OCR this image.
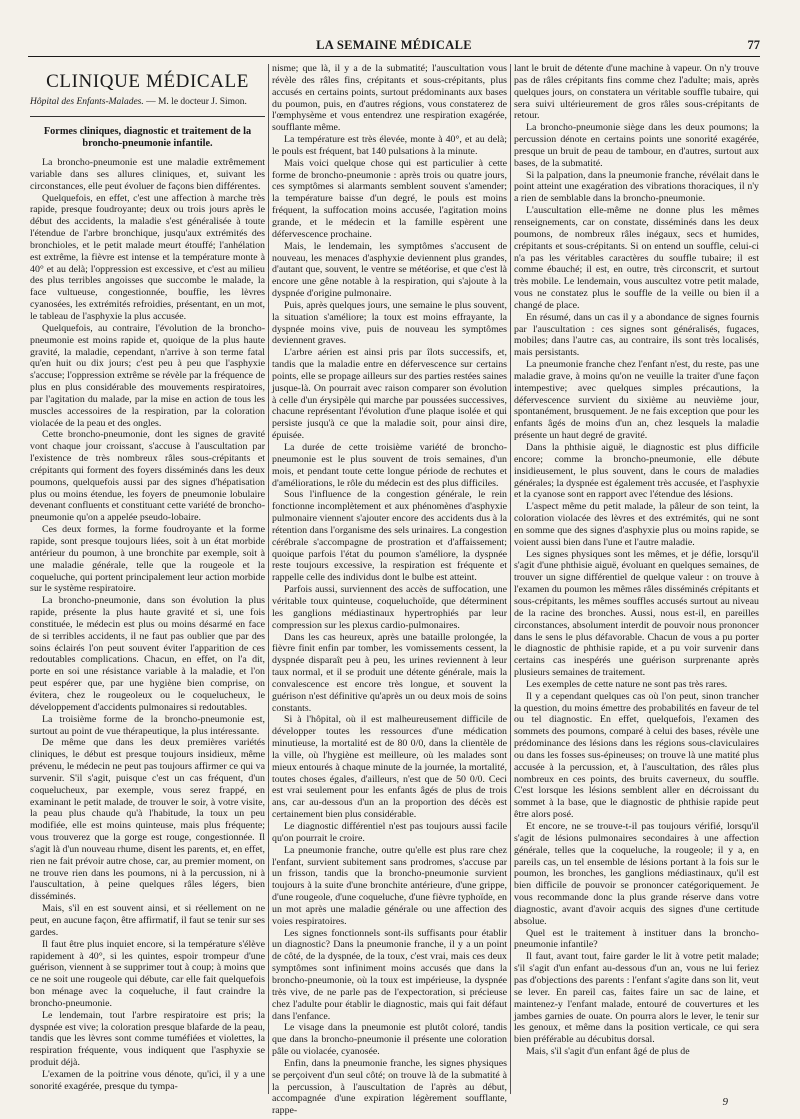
LA SEMAINE MÉDICALE	77
CLINIQUE MÉDICALE
Hôpital des Enfants-Malades. — M. le docteur J. Simon.
Formes cliniques, diagnostic et traitement de la broncho-pneumonie infantile.

La broncho-pneumonie est une maladie extrêmement variable dans ses allures cliniques, et, suivant les circonstances, elle peut évoluer de façons bien différentes.

Quelquefois, en effet, c'est une affection à marche très rapide, presque foudroyante; deux ou trois jours après le début des accidents, la maladie s'est généralisée à toute l'étendue de l'arbre bronchique, jusqu'aux extrémités des bronchioles, et le petit malade meurt étouffé; l'anhélation est extrême, la fièvre est intense et la température monte à 40° et au delà; l'oppression est excessive, et c'est au milieu des plus terribles angoisses que succombe le malade, la face vultueuse, congestionnée, bouffie, les lèvres cyanosées, les extrémités refroidies, présentant, en un mot, le tableau de l'asphyxie la plus accusée.

Quelquefois, au contraire, l'évolution de la broncho-pneumonie est moins rapide et, quoique de la plus haute gravité, la maladie, cependant, n'arrive à son terme fatal qu'en huit ou dix jours; c'est peu à peu que l'asphyxie s'accuse; l'oppression extrême se révèle par la fréquence de plus en plus considérable des mouvements respiratoires, par l'agitation du malade, par la mise en action de tous les muscles accessoires de la respiration, par la coloration violacée de la peau et des ongles.

Cette broncho-pneumonie, dont les signes de gravité vont chaque jour croissant, s'accuse à l'auscultation par l'existence de très nombreux râles sous-crépitants et crépitants qui forment des foyers disséminés dans les deux poumons, quelquefois aussi par des signes d'hépatisation plus ou moins étendue, les foyers de pneumonie lobulaire devenant confluents et constituant cette variété de broncho-pneumonie qu'on a appelée pseudo-lobaire.

Ces deux formes, la forme foudroyante et la forme rapide, sont presque toujours liées, soit à un état morbide antérieur du poumon, à une bronchite par exemple, soit à une maladie générale, telle que la rougeole et la coqueluche, qui portent principalement leur action morbide sur le système respiratoire.

La broncho-pneumonie, dans son évolution la plus rapide, présente la plus haute gravité et si, une fois constituée, le médecin est plus ou moins désarmé en face de si terribles accidents, il ne faut pas oublier que par des soins éclairés l'on peut souvent éviter l'apparition de ces redoutables complications. Chacun, en effet, on l'a dit, porte en soi une résistance variable à la maladie, et l'on peut espérer que, par une hygiène bien comprise, on évitera, chez le rougeoleux ou le coquelucheux, le développement d'accidents pulmonaires si redoutables.

La troisième forme de la broncho-pneumonie est, surtout au point de vue thérapeutique, la plus intéressante.

De même que dans les deux premières variétés cliniques, le début est presque toujours insidieux, même prévenu, le médecin ne peut pas toujours affirmer ce qui va survenir. S'il s'agit, puisque c'est un cas fréquent, d'un coquelucheux, par exemple, vous serez frappé, en examinant le petit malade, de trouver le soir, à votre visite, la peau plus chaude qu'à l'habitude, la toux un peu modifiée, elle est moins quinteuse, mais plus fréquente; vous trouverez que la gorge est rouge, congestionnée. Il s'agit là d'un nouveau rhume, disent les parents, et, en effet, rien ne fait prévoir autre chose, car, au premier moment, on ne trouve rien dans les poumons, ni à la percussion, ni à l'auscultation, à peine quelques râles légers, bien disséminés.

Mais, s'il en est souvent ainsi, et si réellement on ne peut, en aucune façon, être affirmatif, il faut se tenir sur ses gardes.

Il faut être plus inquiet encore, si la température s'élève rapidement à 40°, si les quintes, espoir trompeur d'une guérison, viennent à se supprimer tout à coup; à moins que ce ne soit une rougeole qui débute, car elle fait quelquefois bon ménage avec la coqueluche, il faut craindre la broncho-pneumonie.

Le lendemain, tout l'arbre respiratoire est pris; la dyspnée est vive; la coloration presque blafarde de la peau, tandis que les lèvres sont comme tuméfiées et violettes, la respiration fréquente, vous indiquent que l'asphyxie se produit déjà.

L'examen de la poitrine vous dénote, qu'ici, il y a une sonorité exagérée, presque du tympa-

nisme; que là, il y a de la submatité; l'auscultation vous révèle des râles fins, crépitants et sous-crépitants, plus accusés en certains points, surtout prédominants aux bases du poumon, puis, en d'autres régions, vous constaterez de l'œmphysème et vous entendrez une respiration exagérée, soufflante même.

La température est très élevée, monte à 40°, et au delà; le pouls est fréquent, bat 140 pulsations à la minute.

Mais voici quelque chose qui est particulier à cette forme de broncho-pneumonie : après trois ou quatre jours, ces symptômes si alarmants semblent souvent s'amender; la température baisse d'un degré, le pouls est moins fréquent, la suffocation moins accusée, l'agitation moins grande, et le médecin et la famille espèrent une défervescence prochaine.

Mais, le lendemain, les symptômes s'accusent de nouveau, les menaces d'asphyxie deviennent plus grandes, d'autant que, souvent, le ventre se météorise, et que c'est là encore une gêne notable à la respiration, qui s'ajoute à la dyspnée d'origine pulmonaire.

Puis, après quelques jours, une semaine le plus souvent, la situation s'améliore; la toux est moins effrayante, la dyspnée moins vive, puis de nouveau les symptômes deviennent graves.

L'arbre aérien est ainsi pris par îlots successifs, et, tandis que la maladie entre en défervescence sur certains points, elle se propage ailleurs sur des parties restées saines jusque-là. On pourrait avec raison comparer son évolution à celle d'un érysipèle qui marche par poussées successives, chacune représentant l'évolution d'une plaque isolée et qui persiste jusqu'à ce que la maladie soit, pour ainsi dire, épuisée.

La durée de cette troisième variété de broncho-pneumonie est le plus souvent de trois semaines, d'un mois, et pendant toute cette longue période de rechutes et d'améliorations, le rôle du médecin est des plus difficiles.

Sous l'influence de la congestion générale, le rein fonctionne incomplètement et aux phénomènes d'asphyxie pulmonaire viennent s'ajouter encore des accidents dus à la rétention dans l'organisme des sels urinaires. La congestion cérébrale s'accompagne de prostration et d'affaissement; quoique parfois l'état du poumon s'améliore, la dyspnée reste toujours excessive, la respiration est fréquente et rappelle celle des individus dont le bulbe est atteint.

Parfois aussi, surviennent des accès de suffocation, une véritable toux quinteuse, coqueluchoïde, que déterminent les ganglions médiastinaux hypertrophiés par leur compression sur les plexus cardio-pulmonaires.

Dans les cas heureux, après une bataille prolongée, la fièvre finit enfin par tomber, les vomissements cessent, la dyspnée disparaît peu à peu, les urines reviennent à leur taux normal, et il se produit une détente générale, mais la convalescence est encore très longue, et souvent la guérison n'est définitive qu'après un ou deux mois de soins constants.

Si à l'hôpital, où il est malheureusement difficile de développer toutes les ressources d'une médication minutieuse, la mortalité est de 80 0/0, dans la clientèle de la ville, où l'hygiène est meilleure, où les malades sont mieux entourés à chaque minute de la journée, la mortalité, toutes choses égales, d'ailleurs, n'est que de 50 0/0. Ceci est vrai seulement pour les enfants âgés de plus de trois ans, car au-dessous d'un an la proportion des décès est certainement bien plus considérable.

Le diagnostic différentiel n'est pas toujours aussi facile qu'on pourrait le croire.

La pneumonie franche, outre qu'elle est plus rare chez l'enfant, survient subitement sans prodromes, s'accuse par un frisson, tandis que la broncho-pneumonie survient toujours à la suite d'une bronchite antérieure, d'une grippe, d'une rougeole, d'une coqueluche, d'une fièvre typhoïde, en un mot après une maladie générale ou une affection des voies respiratoires.

Les signes fonctionnels sont-ils suffisants pour établir un diagnostic? Dans la pneumonie franche, il y a un point de côté, de la dyspnée, de la toux, c'est vrai, mais ces deux symptômes sont infiniment moins accusés que dans la broncho-pneumonie, où la toux est impérieuse, la dyspnée très vive, de ne parle pas de l'expectoration, si précieuse chez l'adulte pour établir le diagnostic, mais qui fait défaut dans l'enfance.

Le visage dans la pneumonie est plutôt coloré, tandis que dans la broncho-pneumonie il présente une coloration pâle ou violacée, cyanosée.

Enfin, dans la pneumonie franche, les signes physiques se perçoivent d'un seul côté; on trouve là de la submatité à la percussion, à l'auscultation de l'après au début, accompagnée d'une expiration légèrement soufflante, rappe-

lant le bruit de détente d'une machine à vapeur. On n'y trouve pas de râles crépitants fins comme chez l'adulte; mais, après quelques jours, on constatera un véritable souffle tubaire, qui sera suivi ultérieurement de gros râles sous-crépitants de retour.

La broncho-pneumonie siège dans les deux poumons; la percussion dénote en certains points une sonorité exagérée, presque un bruit de peau de tambour, en d'autres, surtout aux bases, de la submatité.

Si la palpation, dans la pneumonie franche, révélait dans le point atteint une exagération des vibrations thoraciques, il n'y a rien de semblable dans la broncho-pneumonie.

L'auscultation elle-même ne donne plus les mêmes renseignements, car on constate, disséminés dans les deux poumons, de nombreux râles inégaux, secs et humides, crépitants et sous-crépitants. Si on entend un souffle, celui-ci n'a pas les véritables caractères du souffle tubaire; il est comme ébauché; il est, en outre, très circonscrit, et surtout très mobile. Le lendemain, vous auscultez votre petit malade, vous ne constatez plus le souffle de la veille ou bien il a changé de place.

En résumé, dans un cas il y a abondance de signes fournis par l'auscultation : ces signes sont généralisés, fugaces, mobiles; dans l'autre cas, au contraire, ils sont très localisés, mais persistants.

La pneumonie franche chez l'enfant n'est, du reste, pas une maladie grave, à moins qu'on ne veuille la traiter d'une façon intempestive; avec quelques simples précautions, la défervescence survient du sixième au neuvième jour, spontanément, brusquement. Je ne fais exception que pour les enfants âgés de moins d'un an, chez lesquels la maladie présente un haut degré de gravité.

Dans la phthisie aiguë, le diagnostic est plus difficile encore; comme la broncho-pneumonie, elle débute insidieusement, le plus souvent, dans le cours de maladies générales; la dyspnée est également très accusée, et l'asphyxie et la cyanose sont en rapport avec l'étendue des lésions.

L'aspect même du petit malade, la pâleur de son teint, la coloration violacée des lèvres et des extrémités, qui ne sont en somme que des signes d'asphyxie plus ou moins rapide, se voient aussi bien dans l'une et l'autre maladie.

Les signes physiques sont les mêmes, et je défie, lorsqu'il s'agit d'une phthisie aiguë, évoluant en quelques semaines, de trouver un signe différentiel de quelque valeur : on trouve à l'examen du poumon les mêmes râles disséminés crépitants et sous-crépitants, les mêmes souffles accusés surtout au niveau de la racine des bronches. Aussi, nous est-il, en pareilles circonstances, absolument interdit de pouvoir nous prononcer dans le sens le plus défavorable. Chacun de vous a pu porter le diagnostic de phthisie rapide, et a pu voir survenir dans certains cas inespérés une guérison surprenante après plusieurs semaines de traitement.

Les exemples de cette nature ne sont pas très rares.

Il y a cependant quelques cas où l'on peut, sinon trancher la question, du moins émettre des probabilités en faveur de tel ou tel diagnostic. En effet, quelquefois, l'examen des sommets des poumons, comparé à celui des bases, révèle une prédominance des lésions dans les régions sous-claviculaires ou dans les fosses sus-épineuses; on trouve là une matité plus accusée à la percussion, et, à l'auscultation, des râles plus nombreux en ces points, des bruits caverneux, du souffle. C'est lorsque les lésions semblent aller en décroissant du sommet à la base, que le diagnostic de phthisie rapide peut être alors posé.

Et encore, ne se trouve-t-il pas toujours vérifié, lorsqu'il s'agit de lésions pulmonaires secondaires à une affection générale, telles que la coqueluche, la rougeole; il y a, en pareils cas, un tel ensemble de lésions portant à la fois sur le poumon, les bronches, les ganglions médiastinaux, qu'il est bien difficile de pouvoir se prononcer catégoriquement. Je vous recommande donc la plus grande réserve dans votre diagnostic, avant d'avoir acquis des signes d'une certitude absolue.

Quel est le traitement à instituer dans la broncho-pneumonie infantile?

Il faut, avant tout, faire garder le lit à votre petit malade; s'il s'agit d'un enfant au-dessous d'un an, vous ne lui feriez pas d'objections des parents : l'enfant s'agite dans son lit, veut se lever. En pareil cas, faites faire un sac de laine, et maintenez-y l'enfant malade, entouré de couvertures et les jambes garnies de ouate. On pourra alors le lever, le tenir sur les genoux, et même dans la position verticale, ce qui sera bien préférable au décubitus dorsal.

Mais, s'il s'agit d'un enfant âgé de plus de

9
